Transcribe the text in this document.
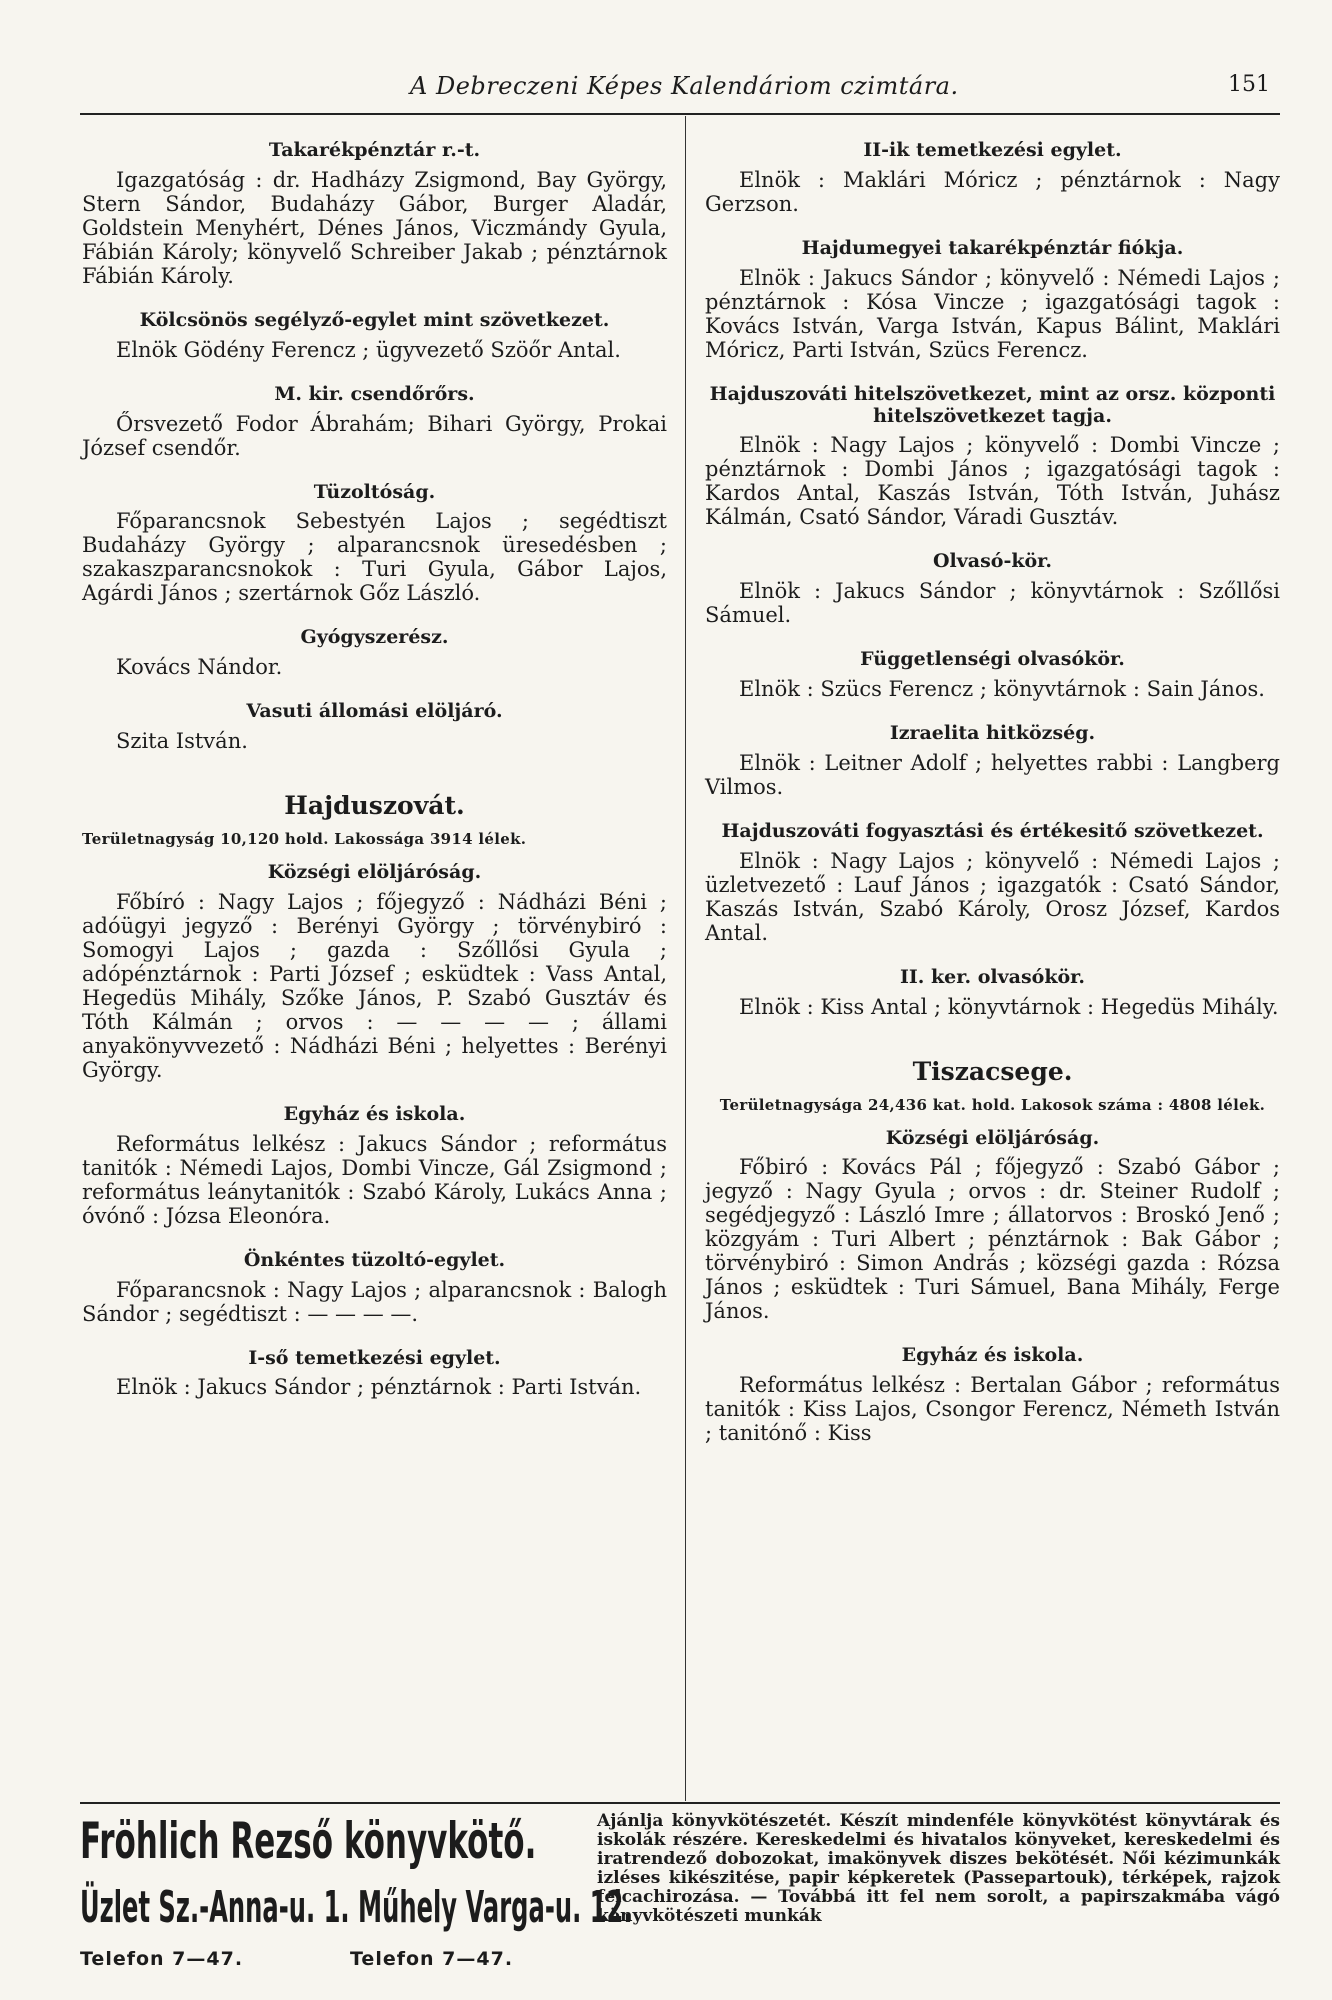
A Debreczeni Képes Kalendáriom czimtára.	151
Takarékpénztár r.-t.

Igazgatóság : dr. Hadházy Zsigmond, Bay György, Stern Sándor, Budaházy Gábor, Burger Aladár, Goldstein Menyhért, Dénes János, Viczmándy Gyula, Fábián Károly; könyvelő Schreiber Jakab ; pénztárnok Fábián Károly.

Kölcsönös segélyző-egylet mint szövetkezet.

Elnök Gödény Ferencz ; ügyvezető Szöőr Antal.

M. kir. csendőrőrs.

Őrsvezető Fodor Ábrahám; Bihari György, Prokai József csendőr.

Tüzoltóság.

Főparancsnok Sebestyén Lajos ; segédtiszt Budaházy György ; alparancsnok üresedésben ; szakaszparancsnokok : Turi Gyula, Gábor Lajos, Agárdi János ; szertárnok Gőz László.

Gyógyszerész.

Kovács Nándor.

Vasuti állomási elöljáró.

Szita István.

Hajduszovát.
Területnagyság 10,120 hold. Lakossága 3914 lélek.
Községi elöljáróság.

Főbíró : Nagy Lajos ; főjegyző : Nádházi Béni ; adóügyi jegyző : Berényi György ; törvénybiró : Somogyi Lajos ; gazda : Szőllősi Gyula ; adópénztárnok : Parti József ; esküdtek : Vass Antal, Hegedüs Mihály, Szőke János, P. Szabó Gusztáv és Tóth Kálmán ; orvos : — — — — ; állami anyakönyvvezető : Nádházi Béni ; helyettes : Berényi György.

Egyház és iskola.

Református lelkész : Jakucs Sándor ; református tanitók : Némedi Lajos, Dombi Vincze, Gál Zsigmond ; református leánytanitók : Szabó Károly, Lukács Anna ; óvónő : Józsa Eleonóra.

Önkéntes tüzoltó-egylet.

Főparancsnok : Nagy Lajos ; alparancsnok : Balogh Sándor ; segédtiszt : — — — —.

I-ső temetkezési egylet.

Elnök : Jakucs Sándor ; pénztárnok : Parti István.

II-ik temetkezési egylet.

Elnök : Maklári Móricz ; pénztárnok : Nagy Gerzson.

Hajdumegyei takarékpénztár fiókja.

Elnök : Jakucs Sándor ; könyvelő : Némedi Lajos ; pénztárnok : Kósa Vincze ; igazgatósági tagok : Kovács István, Varga István, Kapus Bálint, Maklári Móricz, Parti István, Szücs Ferencz.

Hajduszováti hitelszövetkezet, mint az orsz. központi hitelszövetkezet tagja.

Elnök : Nagy Lajos ; könyvelő : Dombi Vincze ; pénztárnok : Dombi János ; igazgatósági tagok : Kardos Antal, Kaszás István, Tóth István, Juhász Kálmán, Csató Sándor, Váradi Gusztáv.

Olvasó-kör.

Elnök : Jakucs Sándor ; könyvtárnok : Szőllősi Sámuel.

Függetlenségi olvasókör.

Elnök : Szücs Ferencz ; könyvtárnok : Sain János.

Izraelita hitközség.

Elnök : Leitner Adolf ; helyettes rabbi : Langberg Vilmos.

Hajduszováti fogyasztási és értékesitő szövetkezet.

Elnök : Nagy Lajos ; könyvelő : Némedi Lajos ; üzletvezető : Lauf János ; igazgatók : Csató Sándor, Kaszás István, Szabó Károly, Orosz József, Kardos Antal.

II. ker. olvasókör.

Elnök : Kiss Antal ; könyvtárnok : Hegedüs Mihály.

Tiszacsege.
Területnagysága 24,436 kat. hold. Lakosok száma : 4808 lélek.
Községi elöljáróság.

Főbiró : Kovács Pál ; főjegyző : Szabó Gábor ; jegyző : Nagy Gyula ; orvos : dr. Steiner Rudolf ; segédjegyző : László Imre ; állatorvos : Broskó Jenő ; közgyám : Turi Albert ; pénztárnok : Bak Gábor ; törvénybiró : Simon András ; községi gazda : Rózsa János ; esküdtek : Turi Sámuel, Bana Mihály, Ferge János.

Egyház és iskola.

Református lelkész : Bertalan Gábor ; református tanitók : Kiss Lajos, Csongor Ferencz, Németh István ; tanitónő : Kiss

Fröhlich Rezső könyvkötő.
Üzlet Sz.-Anna-u. 1. Műhely Varga-u. 12.
Telefon 7—47.	Telefon 7—47.
Ajánlja könyvkötészetét. Készít mindenféle könyvkötést könyvtárak és iskolák részére. Kereskedelmi és hivatalos könyveket, kereskedelmi és iratrendező dobozokat, imakönyvek diszes bekötését. Női kézimunkák izléses kikészitése, papir képkeretek (Passepartouk), térképek, rajzok felcachirozása. — Továbbá itt fel nem sorolt, a papirszakmába vágó könyvkötészeti munkák
